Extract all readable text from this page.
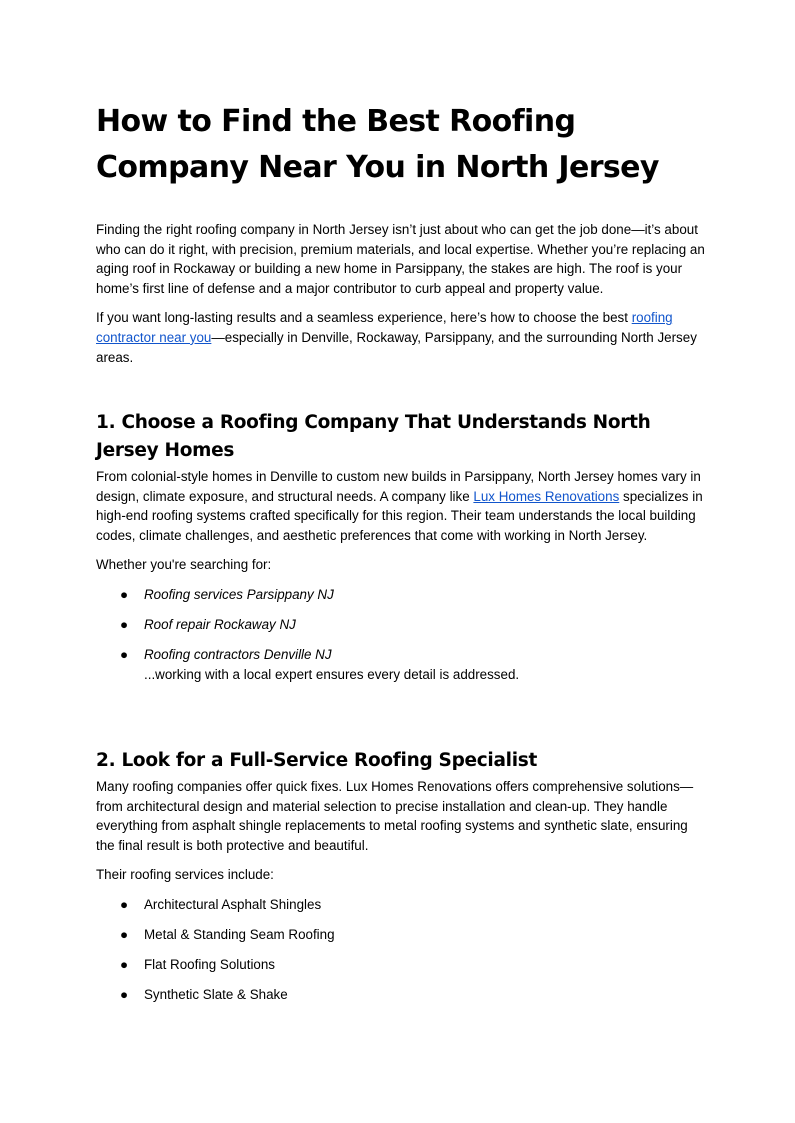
How to Find the Best Roofing Company Near You in North Jersey

Finding the right roofing company in North Jersey isn’t just about who can get the job done—it’s about who can do it right, with precision, premium materials, and local expertise. Whether you’re replacing an aging roof in Rockaway or building a new home in Parsippany, the stakes are high. The roof is your home’s first line of defense and a major contributor to curb appeal and property value.

If you want long-lasting results and a seamless experience, here’s how to choose the best roofing contractor near you—especially in Denville, Rockaway, Parsippany, and the surrounding North Jersey areas.

1. Choose a Roofing Company That Understands North Jersey Homes

From colonial-style homes in Denville to custom new builds in Parsippany, North Jersey homes vary in design, climate exposure, and structural needs. A company like Lux Homes Renovations specializes in high-end roofing systems crafted specifically for this region. Their team understands the local building codes, climate challenges, and aesthetic preferences that come with working in North Jersey.

Whether you're searching for:

● Roofing services Parsippany NJ
● Roof repair Rockaway NJ
● Roofing contractors Denville NJ
...working with a local expert ensures every detail is addressed.
2. Look for a Full-Service Roofing Specialist

Many roofing companies offer quick fixes. Lux Homes Renovations offers comprehensive solutions—from architectural design and material selection to precise installation and clean-up. They handle everything from asphalt shingle replacements to metal roofing systems and synthetic slate, ensuring the final result is both protective and beautiful.

Their roofing services include:

● Architectural Asphalt Shingles
● Metal & Standing Seam Roofing
● Flat Roofing Solutions
● Synthetic Slate & Shake
